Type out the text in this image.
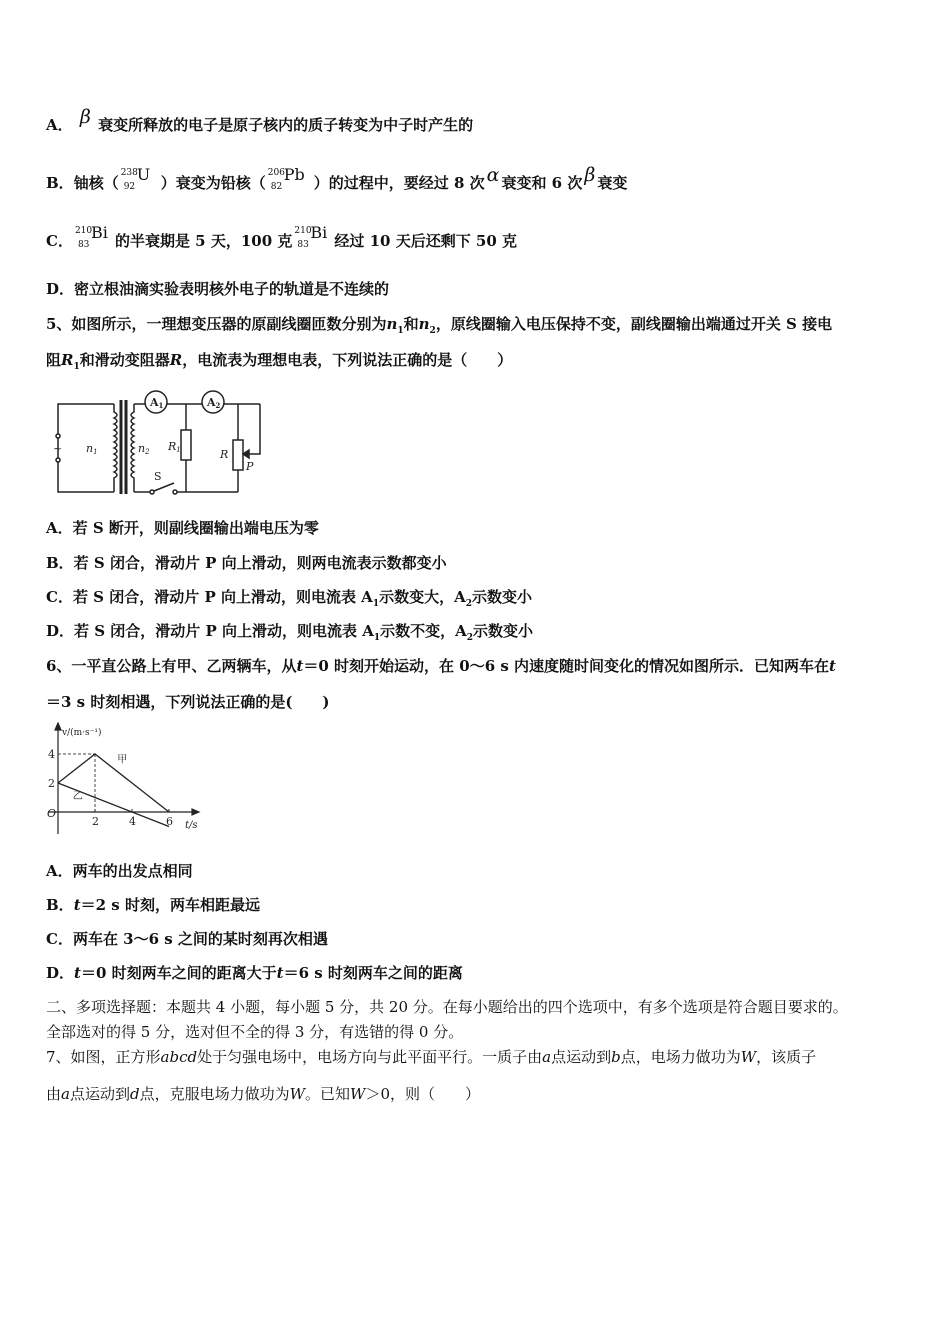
A． β 衰变所释放的电子是原子核内的质子转变为中子时产生的
B．铀核（
238
92
U ）衰变为铅核（
206
82
Pb ）的过程中，要经过 8 次 α 衰变和 6 次 β 衰变
C．
210
83
Bi 的半衰期是 5 天，100 克
210
83
Bi 经过 10 天后还剩下 50 克
D．密立根油滴实验表明核外电子的轨道是不连续的
5、如图所示，一理想变压器的原副线圈匝数分别为$n_1$和$n_2$，原线圈输入电压保持不变，副线圈输出端通过开关 S 接电
阻$R_1$和滑动变阻器R，电流表为理想电表，下列说法正确的是（　　）
~ n1	n2
A1	A2
R1	R
P
S
A．若 S 断开，则副线圈输出端电压为零
B．若 S 闭合，滑动片 P 向上滑动，则两电流表示数都变小
C．若 S 闭合，滑动片 P 向上滑动，则电流表 $A_1$示数变大，$A_2$示数变小
D．若 S 闭合，滑动片 P 向上滑动，则电流表 $A_1$示数不变，$A_2$示数变小
6、一平直公路上有甲、乙两辆车，从t＝0 时刻开始运动，在 0～6 s 内速度随时间变化的情况如图所示．已知两车在t
＝3 s 时刻相遇，下列说法正确的是(　　)
2	4	6
2
4
O
v/(m·s⁻¹)
t/s
甲
乙
A．两车的出发点相同
B．t＝2 s 时刻，两车相距最远
C．两车在 3～6 s 之间的某时刻再次相遇
D．t＝0 时刻两车之间的距离大于t＝6 s 时刻两车之间的距离
二、多项选择题：本题共 4 小题，每小题 5 分，共 20 分。在每小题给出的四个选项中，有多个选项是符合题目要求的。
全部选对的得 5 分，选对但不全的得 3 分，有选错的得 0 分。
7、如图，正方形abcd处于匀强电场中，电场方向与此平面平行。一质子由a点运动到b点，电场力做功为W，该质子
由a点运动到d点，克服电场力做功为W。已知W＞0，则（　　）
